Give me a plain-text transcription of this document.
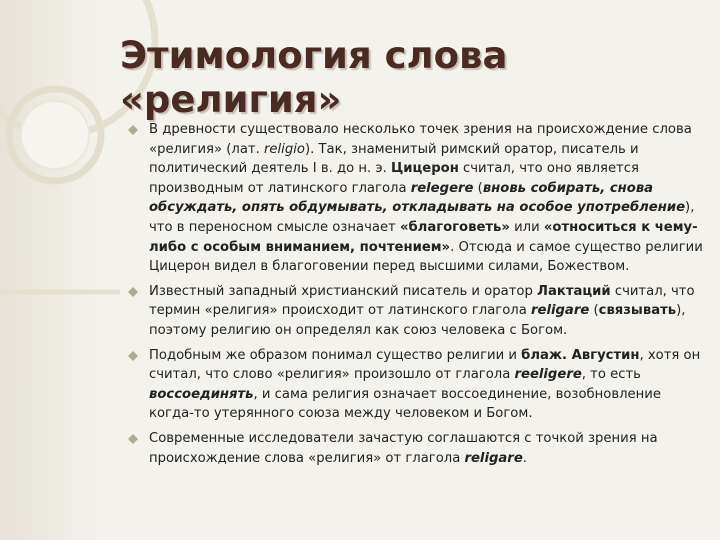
Этимология слова «религия»
В древности существовало несколько точек зрения на происхождение слова «религия» (лат. religio). Так, знаменитый римский оратор, писатель и политический деятель I в. до н. э. Цицерон считал, что оно является производным от латинского глагола relegere (вновь собирать, снова обсуждать, опять обдумывать, откладывать на особое употребление), что в переносном смысле означает «благоговеть» или «относиться к чему-либо с особым вниманием, почтением». Отсюда и самое существо религии Цицерон видел в благоговении перед высшими силами, Божеством.
Известный западный христианский писатель и оратор Лактаций считал, что термин «религия» происходит от латинского глагола religare (связывать), поэтому религию он определял как союз человека с Богом.
Подобным же образом понимал существо религии и блаж. Августин, хотя он считал, что слово «религия» произошло от глагола reeligere, то есть воссоединять, и сама религия означает воссоединение, возобновление когда-то утерянного союза между человеком и Богом.
Современные исследователи зачастую соглашаются с точкой зрения на происхождение слова «религия» от глагола religare.
